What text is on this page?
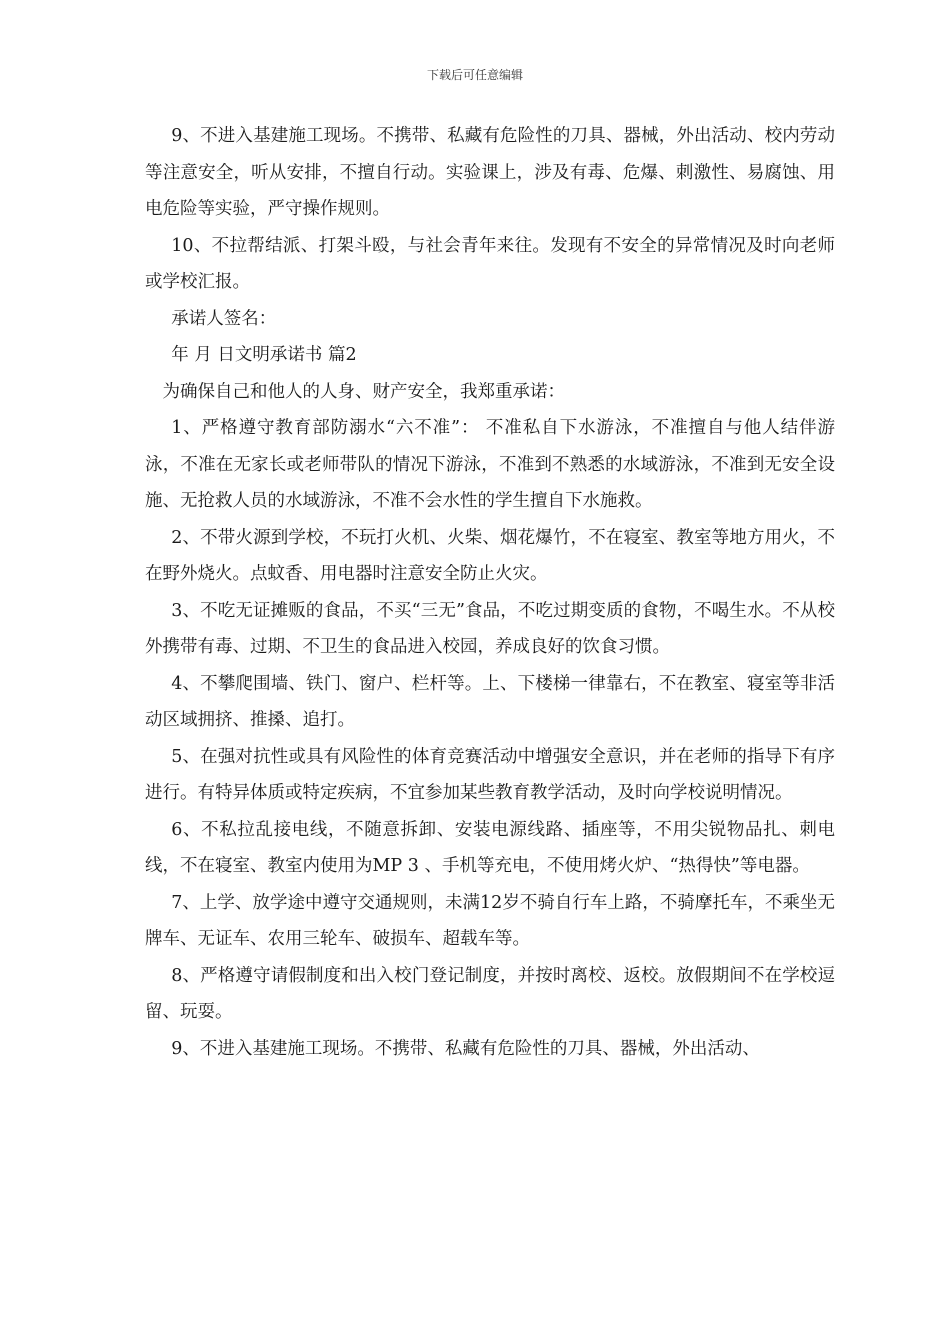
下载后可任意编辑

9、不进入基建施工现场。不携带、私藏有危险性的刀具、器械，外出活动、校内劳动等注意安全，听从安排，不擅自行动。实验课上，涉及有毒、危爆、刺激性、易腐蚀、用电危险等实验，严守操作规则。

10、不拉帮结派、打架斗殴，与社会青年来往。发现有不安全的异常情况及时向老师或学校汇报。

承诺人签名：

年 月 日文明承诺书 篇2

为确保自己和他人的人身、财产安全，我郑重承诺：

1、严格遵守教育部防溺水“六不准”： 不准私自下水游泳，不准擅自与他人结伴游泳，不准在无家长或老师带队的情况下游泳，不准到不熟悉的水域游泳，不准到无安全设施、无抢救人员的水域游泳，不准不会水性的学生擅自下水施救。

2、不带火源到学校，不玩打火机、火柴、烟花爆竹，不在寝室、教室等地方用火，不在野外烧火。点蚊香、用电器时注意安全防止火灾。

3、不吃无证摊贩的食品，不买“三无”食品，不吃过期变质的食物，不喝生水。不从校外携带有毒、过期、不卫生的食品进入校园，养成良好的饮食习惯。

4、不攀爬围墙、铁门、窗户、栏杆等。上、下楼梯一律靠右，不在教室、寝室等非活动区域拥挤、推搡、追打。

5、在强对抗性或具有风险性的体育竞赛活动中增强安全意识，并在老师的指导下有序进行。有特异体质或特定疾病，不宜参加某些教育教学活动，及时向学校说明情况。

6、不私拉乱接电线，不随意拆卸、安装电源线路、插座等，不用尖锐物品扎、刺电线，不在寝室、教室内使用为MP 3 、手机等充电，不使用烤火炉、“热得快”等电器。

7、上学、放学途中遵守交通规则，未满12岁不骑自行车上路，不骑摩托车，不乘坐无牌车、无证车、农用三轮车、破损车、超载车等。

8、严格遵守请假制度和出入校门登记制度，并按时离校、返校。放假期间不在学校逗留、玩耍。

9、不进入基建施工现场。不携带、私藏有危险性的刀具、器械，外出活动、
